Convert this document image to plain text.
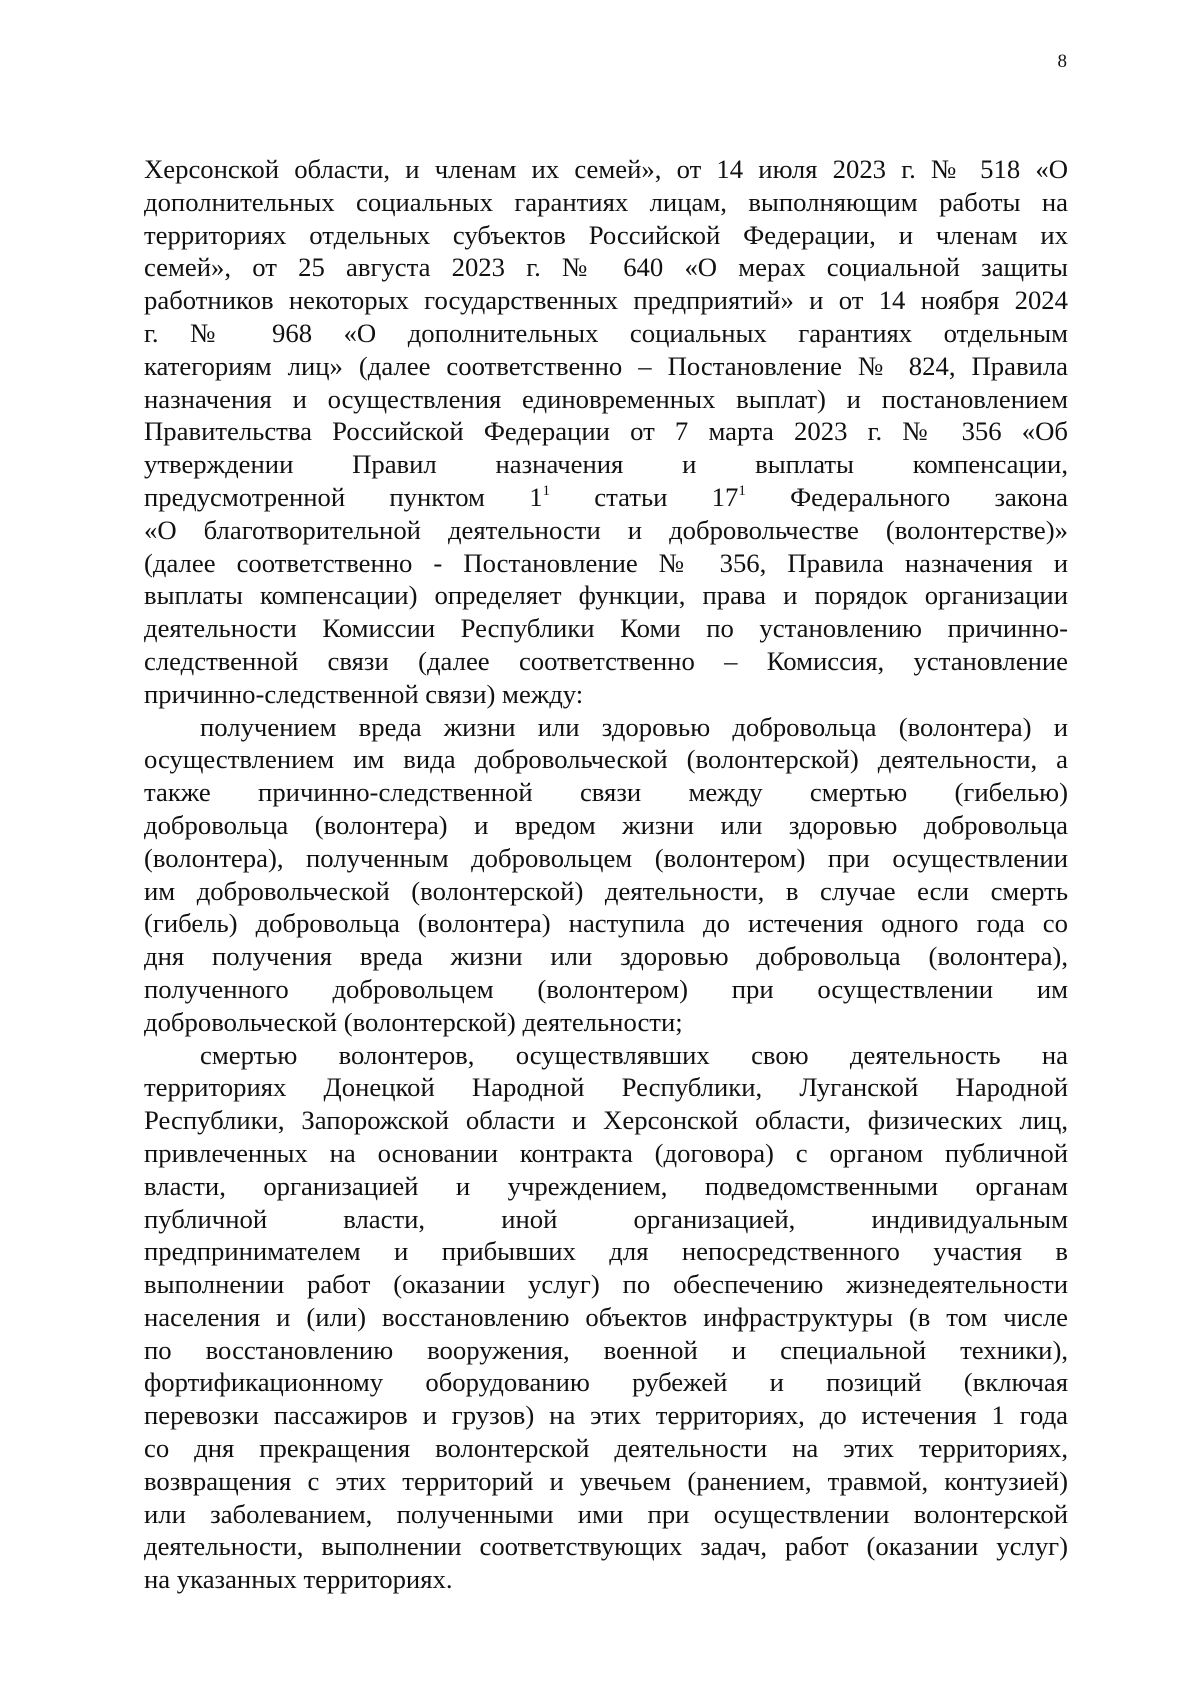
8
Херсонской области, и членам их семей», от 14 июля 2023 г. № 518 «О
дополнительных социальных гарантиях лицам, выполняющим работы на
территориях отдельных субъектов Российской Федерации, и членам их
семей», от 25 августа 2023 г. № 640 «О мерах социальной защиты
работников некоторых государственных предприятий» и от 14 ноября 2024
г. № 968 «О дополнительных социальных гарантиях отдельным
категориям лиц» (далее соответственно – Постановление № 824, Правила
назначения и осуществления единовременных выплат) и постановлением
Правительства Российской Федерации от 7 марта 2023 г. № 356 «Об
утверждении Правил назначения и выплаты компенсации,
предусмотренной пунктом $1^1$ статьи $17^1$ Федерального закона
«О благотворительной деятельности и добровольчестве (волонтерстве)»
(далее соответственно - Постановление № 356, Правила назначения и
выплаты компенсации) определяет функции, права и порядок организации
деятельности Комиссии Республики Коми по установлению причинно-
следственной связи (далее соответственно – Комиссия, установление
причинно-следственной связи) между:
получением вреда жизни или здоровью добровольца (волонтера) и
осуществлением им вида добровольческой (волонтерской) деятельности, а
также причинно-следственной связи между смертью (гибелью)
добровольца (волонтера) и вредом жизни или здоровью добровольца
(волонтера), полученным добровольцем (волонтером) при осуществлении
им добровольческой (волонтерской) деятельности, в случае если смерть
(гибель) добровольца (волонтера) наступила до истечения одного года со
дня получения вреда жизни или здоровью добровольца (волонтера),
полученного добровольцем (волонтером) при осуществлении им
добровольческой (волонтерской) деятельности;
смертью волонтеров, осуществлявших свою деятельность на
территориях Донецкой Народной Республики, Луганской Народной
Республики, Запорожской области и Херсонской области, физических лиц,
привлеченных на основании контракта (договора) с органом публичной
власти, организацией и учреждением, подведомственными органам
публичной власти, иной организацией, индивидуальным
предпринимателем и прибывших для непосредственного участия в
выполнении работ (оказании услуг) по обеспечению жизнедеятельности
населения и (или) восстановлению объектов инфраструктуры (в том числе
по восстановлению вооружения, военной и специальной техники),
фортификационному оборудованию рубежей и позиций (включая
перевозки пассажиров и грузов) на этих территориях, до истечения 1 года
со дня прекращения волонтерской деятельности на этих территориях,
возвращения с этих территорий и увечьем (ранением, травмой, контузией)
или заболеванием, полученными ими при осуществлении волонтерской
деятельности, выполнении соответствующих задач, работ (оказании услуг)
на указанных территориях.
